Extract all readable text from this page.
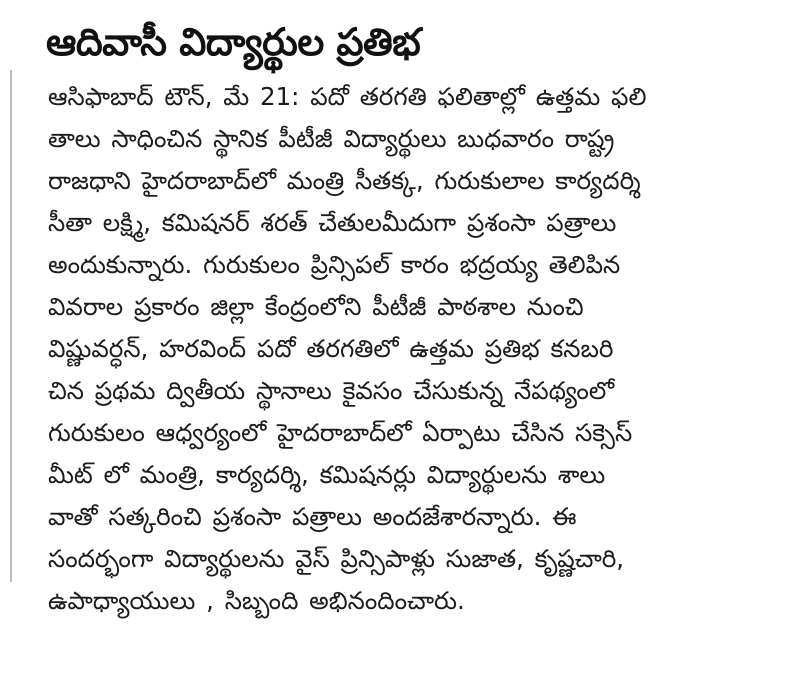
ఆదివాసీ విద్యార్థుల ప్రతిభ
ఆసిఫాబాద్ టౌన్, మే 21: పదో తరగతి ఫలితాల్లో ఉత్తమ ఫలి
తాలు సాధించిన స్థానిక పీటీజీ విద్యార్థులు బుధవారం రాష్ట్ర
రాజధాని హైదరాబాద్‌లో మంత్రి సీతక్క, గురుకులాల కార్యదర్శి
సీతా లక్ష్మి, కమిషనర్ శరత్ చేతులమీదుగా ప్రశంసా పత్రాలు
అందుకున్నారు. గురుకులం ప్రిన్సిపల్ కారం భద్రయ్య తెలిపిన
వివరాల ప్రకారం జిల్లా కేంద్రంలోని పీటీజీ పాఠశాల నుంచి
విష్ణువర్ధన్, హరవింద్ పదో తరగతిలో ఉత్తమ ప్రతిభ కనబరి
చిన ప్రథమ ద్వితీయ స్థానాలు కైవసం చేసుకున్న నేపథ్యంలో
గురుకులం ఆధ్వర్యంలో హైదరాబాద్‌లో ఏర్పాటు చేసిన సక్సెస్
మీట్ లో మంత్రి, కార్యదర్శి, కమిషనర్లు విద్యార్థులను శాలు
వాతో సత్కరించి ప్రశంసా పత్రాలు అందజేశారన్నారు. ఈ
సందర్భంగా విద్యార్థులను వైస్ ప్రిన్సిపాళ్లు సుజాత, కృష్ణచారి,
ఉపాధ్యాయులు , సిబ్బంది అభినందించారు.
